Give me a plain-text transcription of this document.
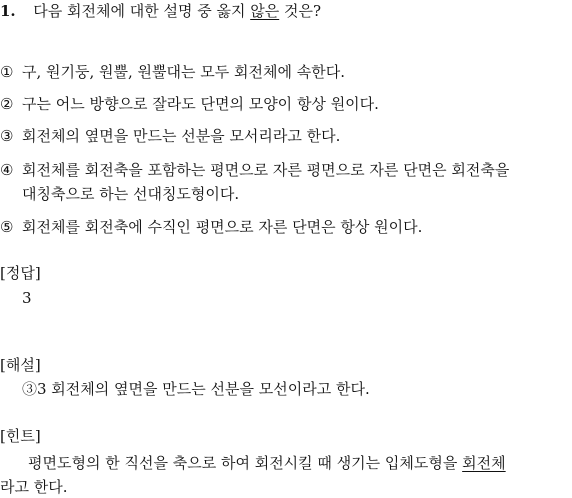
1. 다음 회전체에 대한 설명 중 옳지 않은 것은?
① 구, 원기둥, 원뿔, 원뿔대는 모두 회전체에 속한다.
② 구는 어느 방향으로 잘라도 단면의 모양이 항상 원이다.
③ 회전체의 옆면을 만드는 선분을 모서리라고 한다.
④ 회전체를 회전축을 포함하는 평면으로 자른 평면으로 자른 단면은 회전축을
대칭축으로 하는 선대칭도형이다.
⑤ 회전체를 회전축에 수직인 평면으로 자른 단면은 항상 원이다.
[정답]
3
[해설]
③3 회전체의 옆면을 만드는 선분을 모선이라고 한다.
[힌트]
평면도형의 한 직선을 축으로 하여 회전시킬 때 생기는 입체도형을 회전체
라고 한다.
